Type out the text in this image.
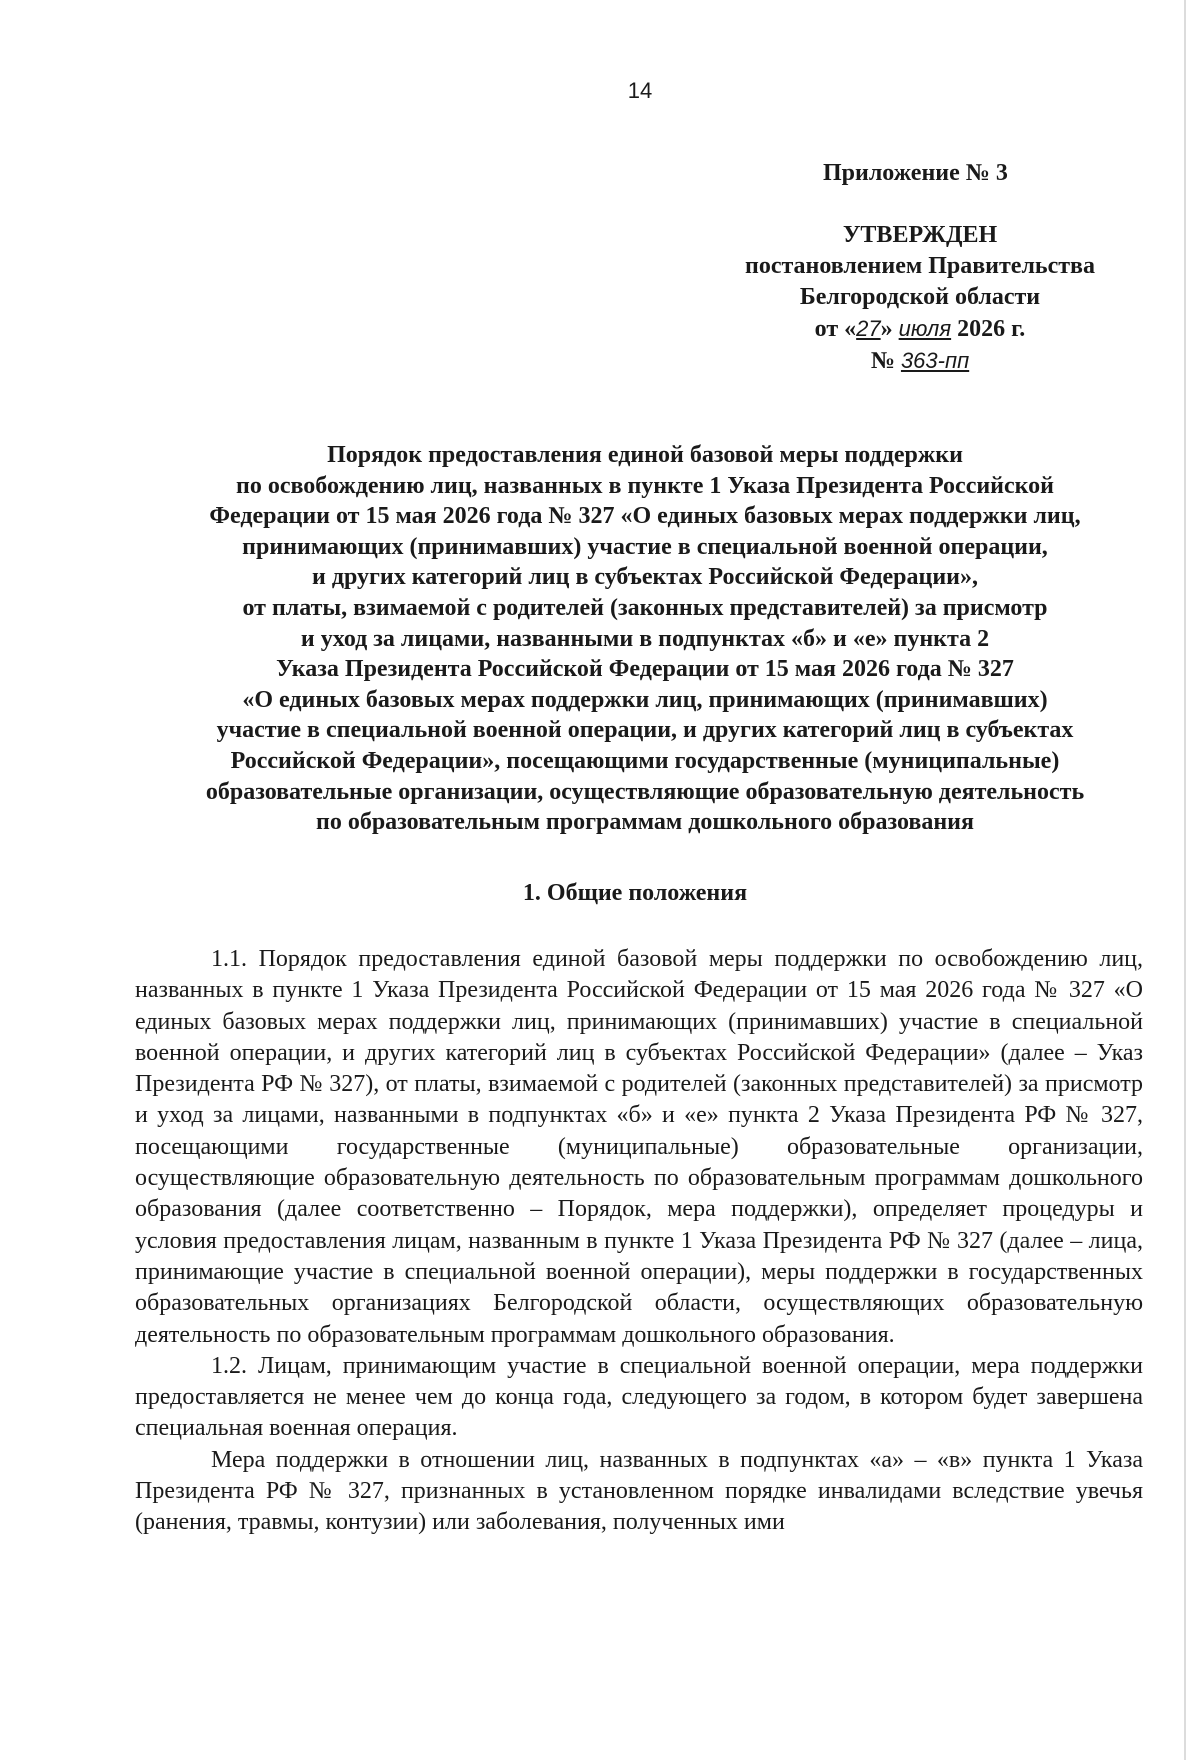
14
Приложение № 3
УТВЕРЖДЕН
постановлением Правительства
Белгородской области
от «27» июля 2026 г.
№ 363-пп
Порядок предоставления единой базовой меры поддержки
по освобождению лиц, названных в пункте 1 Указа Президента Российской
Федерации от 15 мая 2026 года № 327 «О единых базовых мерах поддержки лиц,
принимающих (принимавших) участие в специальной военной операции,
и других категорий лиц в субъектах Российской Федерации»,
от платы, взимаемой с родителей (законных представителей) за присмотр
и уход за лицами, названными в подпунктах «б» и «е» пункта 2
Указа Президента Российской Федерации от 15 мая 2026 года № 327
«О единых базовых мерах поддержки лиц, принимающих (принимавших)
участие в специальной военной операции, и других категорий лиц в субъектах
Российской Федерации», посещающими государственные (муниципальные)
образовательные организации, осуществляющие образовательную деятельность
по образовательным программам дошкольного образования
1. Общие положения

1.1. Порядок предоставления единой базовой меры поддержки по освобождению лиц, названных в пункте 1 Указа Президента Российской Федерации от 15 мая 2026 года № 327 «О единых базовых мерах поддержки лиц, принимающих (принимавших) участие в специальной военной операции, и других категорий лиц в субъектах Российской Федерации» (далее – Указ Президента РФ № 327), от платы, взимаемой с родителей (законных представителей) за присмотр и уход за лицами, названными в подпунктах «б» и «е» пункта 2 Указа Президента РФ № 327, посещающими государственные (муниципальные) образовательные организации, осуществляющие образовательную деятельность по образовательным программам дошкольного образования (далее соответственно – Порядок, мера поддержки), определяет процедуры и условия предоставления лицам, названным в пункте 1 Указа Президента РФ № 327 (далее – лица, принимающие участие в специальной военной операции), меры поддержки в государственных образовательных организациях Белгородской области, осуществляющих образовательную деятельность по образовательным программам дошкольного образования.

1.2. Лицам, принимающим участие в специальной военной операции, мера поддержки предоставляется не менее чем до конца года, следующего за годом, в котором будет завершена специальная военная операция.

Мера поддержки в отношении лиц, названных в подпунктах «а» – «в» пункта 1 Указа Президента РФ № 327, признанных в установленном порядке инвалидами вследствие увечья (ранения, травмы, контузии) или заболевания, полученных ими
